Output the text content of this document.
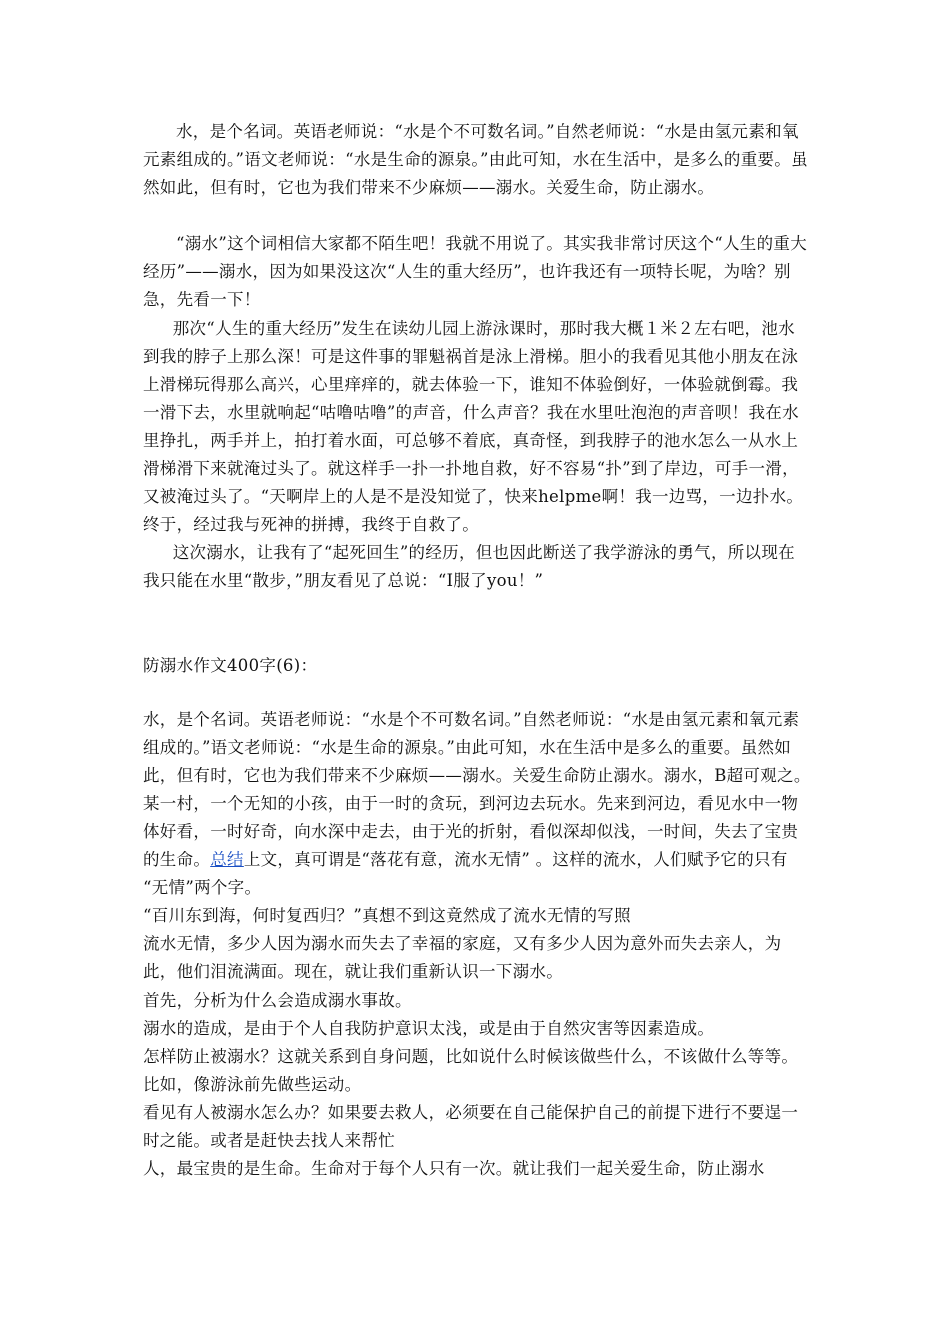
水，是个名词。英语老师说：“水是个不可数名词。”自然老师说：“水是由氢元素和氧元素组成的。”语文老师说：“水是生命的源泉。”由此可知，水在生活中，是多么的重要。虽然如此，但有时，它也为我们带来不少麻烦——溺水。关爱生命，防止溺水。

“溺水”这个词相信大家都不陌生吧！我就不用说了。其实我非常讨厌这个“人生的重大经历”——溺水，因为如果没这次“人生的重大经历”，也许我还有一项特长呢，为啥？别急，先看一下！

那次“人生的重大经历”发生在读幼儿园上游泳课时，那时我大概１米２左右吧，池水到我的脖子上那么深！可是这件事的罪魁祸首是泳上滑梯。胆小的我看见其他小朋友在泳上滑梯玩得那么高兴，心里痒痒的，就去体验一下，谁知不体验倒好，一体验就倒霉。我一滑下去，水里就响起“咕噜咕噜”的声音，什么声音？我在水里吐泡泡的声音呗！我在水里挣扎，两手并上，拍打着水面，可总够不着底，真奇怪，到我脖子的池水怎么一从水上滑梯滑下来就淹过头了。就这样手一扑一扑地自救，好不容易“扑”到了岸边，可手一滑，又被淹过头了。“天啊岸上的人是不是没知觉了，快来helpme啊！我一边骂，一边扑水。终于，经过我与死神的拼搏，我终于自救了。

这次溺水，让我有了“起死回生”的经历，但也因此断送了我学游泳的勇气，所以现在我只能在水里“散步，”朋友看见了总说：“I服了you！”

防溺水作文400字(6)：

水，是个名词。英语老师说：“水是个不可数名词。”自然老师说：“水是由氢元素和氧元素组成的。”语文老师说：“水是生命的源泉。”由此可知，水在生活中是多么的重要。虽然如此，但有时，它也为我们带来不少麻烦——溺水。关爱生命防止溺水。溺水，B超可观之。

某一村，一个无知的小孩，由于一时的贪玩，到河边去玩水。先来到河边，看见水中一物体好看，一时好奇，向水深中走去，由于光的折射，看似深却似浅，一时间，失去了宝贵的生命。总结上文，真可谓是“落花有意，流水无情” 。这样的流水，人们赋予它的只有 “无情”两个字。

“百川东到海，何时复西归？”真想不到这竟然成了流水无情的写照

流水无情，多少人因为溺水而失去了幸福的家庭，又有多少人因为意外而失去亲人，为此，他们泪流满面。现在，就让我们重新认识一下溺水。

首先，分析为什么会造成溺水事故。

溺水的造成，是由于个人自我防护意识太浅，或是由于自然灾害等因素造成。

怎样防止被溺水？这就关系到自身问题，比如说什么时候该做些什么，不该做什么等等。比如，像游泳前先做些运动。

看见有人被溺水怎么办？如果要去救人，必须要在自己能保护自己的前提下进行不要逞一时之能。或者是赶快去找人来帮忙

人，最宝贵的是生命。生命对于每个人只有一次。就让我们一起关爱生命，防止溺水
